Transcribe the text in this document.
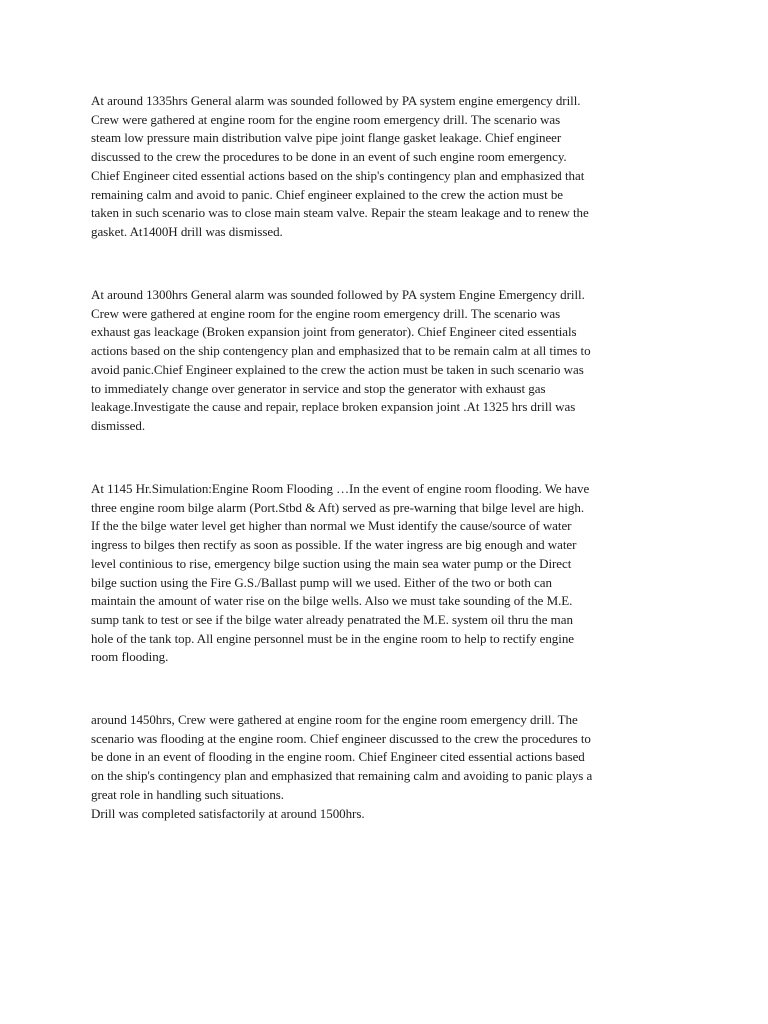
At around 1335hrs General alarm was sounded followed by PA system engine emergency drill.
Crew were gathered at engine room for the engine room emergency drill. The scenario was
steam low pressure main distribution valve pipe joint flange gasket leakage. Chief engineer
discussed to the crew the procedures to be done in an event of such engine room emergency.
Chief Engineer cited essential actions based on the ship's contingency plan and emphasized that
remaining calm and avoid to panic. Chief engineer explained to the crew the action must be
taken in such scenario was to close main steam valve. Repair the steam leakage and to renew the
gasket. At1400H drill was dismissed.

At around 1300hrs General alarm was sounded followed by PA system Engine Emergency drill.
Crew were gathered at engine room for the engine room emergency drill. The scenario was
exhaust gas leackage (Broken expansion joint from generator). Chief Engineer cited essentials
actions based on the ship contengency plan and emphasized that to be remain calm at all times to
avoid panic.Chief Engineer explained to the crew the action must be taken in such scenario was
to immediately change over generator in service and stop the generator with exhaust gas
leakage.Investigate the cause and repair, replace broken expansion joint .At 1325 hrs drill was
dismissed.

At 1145 Hr.Simulation:Engine Room Flooding …In the event of engine room flooding. We have
three engine room bilge alarm (Port.Stbd & Aft) served as pre-warning that bilge level are high.
If the the bilge water level get higher than normal we Must identify the cause/source of water
ingress to bilges then rectify as soon as possible. If the water ingress are big enough and water
level continious to rise, emergency bilge suction using the main sea water pump or the Direct
bilge suction using the Fire G.S./Ballast pump will we used. Either of the two or both can
maintain the amount of water rise on the bilge wells. Also we must take sounding of the M.E.
sump tank to test or see if the bilge water already penatrated the M.E. system oil thru the man
hole of the tank top. All engine personnel must be in the engine room to help to rectify engine
room flooding.

around 1450hrs, Crew were gathered at engine room for the engine room emergency drill. The
scenario was flooding at the engine room. Chief engineer discussed to the crew the procedures to
be done in an event of flooding in the engine room. Chief Engineer cited essential actions based
on the ship's contingency plan and emphasized that remaining calm and avoiding to panic plays a
great role in handling such situations.
Drill was completed satisfactorily at around 1500hrs.
